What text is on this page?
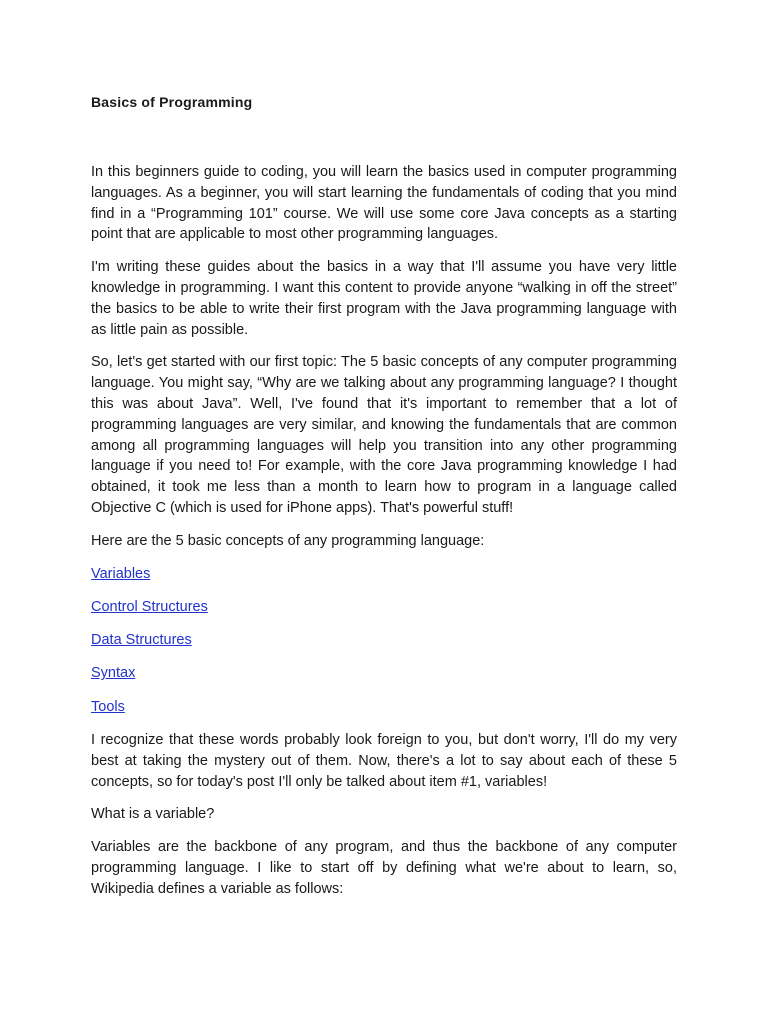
Basics of Programming

In this beginners guide to coding, you will learn the basics used in computer programming languages. As a beginner, you will start learning the fundamentals of coding that you mind find in a “Programming 101” course. We will use some core Java concepts as a starting point that are applicable to most other programming languages.

I'm writing these guides about the basics in a way that I'll assume you have very little knowledge in programming. I want this content to provide anyone “walking in off the street” the basics to be able to write their first program with the Java programming language with as little pain as possible.

So, let's get started with our first topic: The 5 basic concepts of any computer programming language. You might say, “Why are we talking about any programming language? I thought this was about Java”. Well, I've found that it's important to remember that a lot of programming languages are very similar, and knowing the fundamentals that are common among all programming languages will help you transition into any other programming language if you need to! For example, with the core Java programming knowledge I had obtained, it took me less than a month to learn how to program in a language called Objective C (which is used for iPhone apps). That's powerful stuff!

Here are the 5 basic concepts of any programming language:

Variables

Control Structures

Data Structures

Syntax

Tools

I recognize that these words probably look foreign to you, but don't worry, I'll do my very best at taking the mystery out of them. Now, there's a lot to say about each of these 5 concepts, so for today's post I'll only be talked about item #1, variables!

What is a variable?

Variables are the backbone of any program, and thus the backbone of any computer programming language. I like to start off by defining what we're about to learn, so, Wikipedia defines a variable as follows:
